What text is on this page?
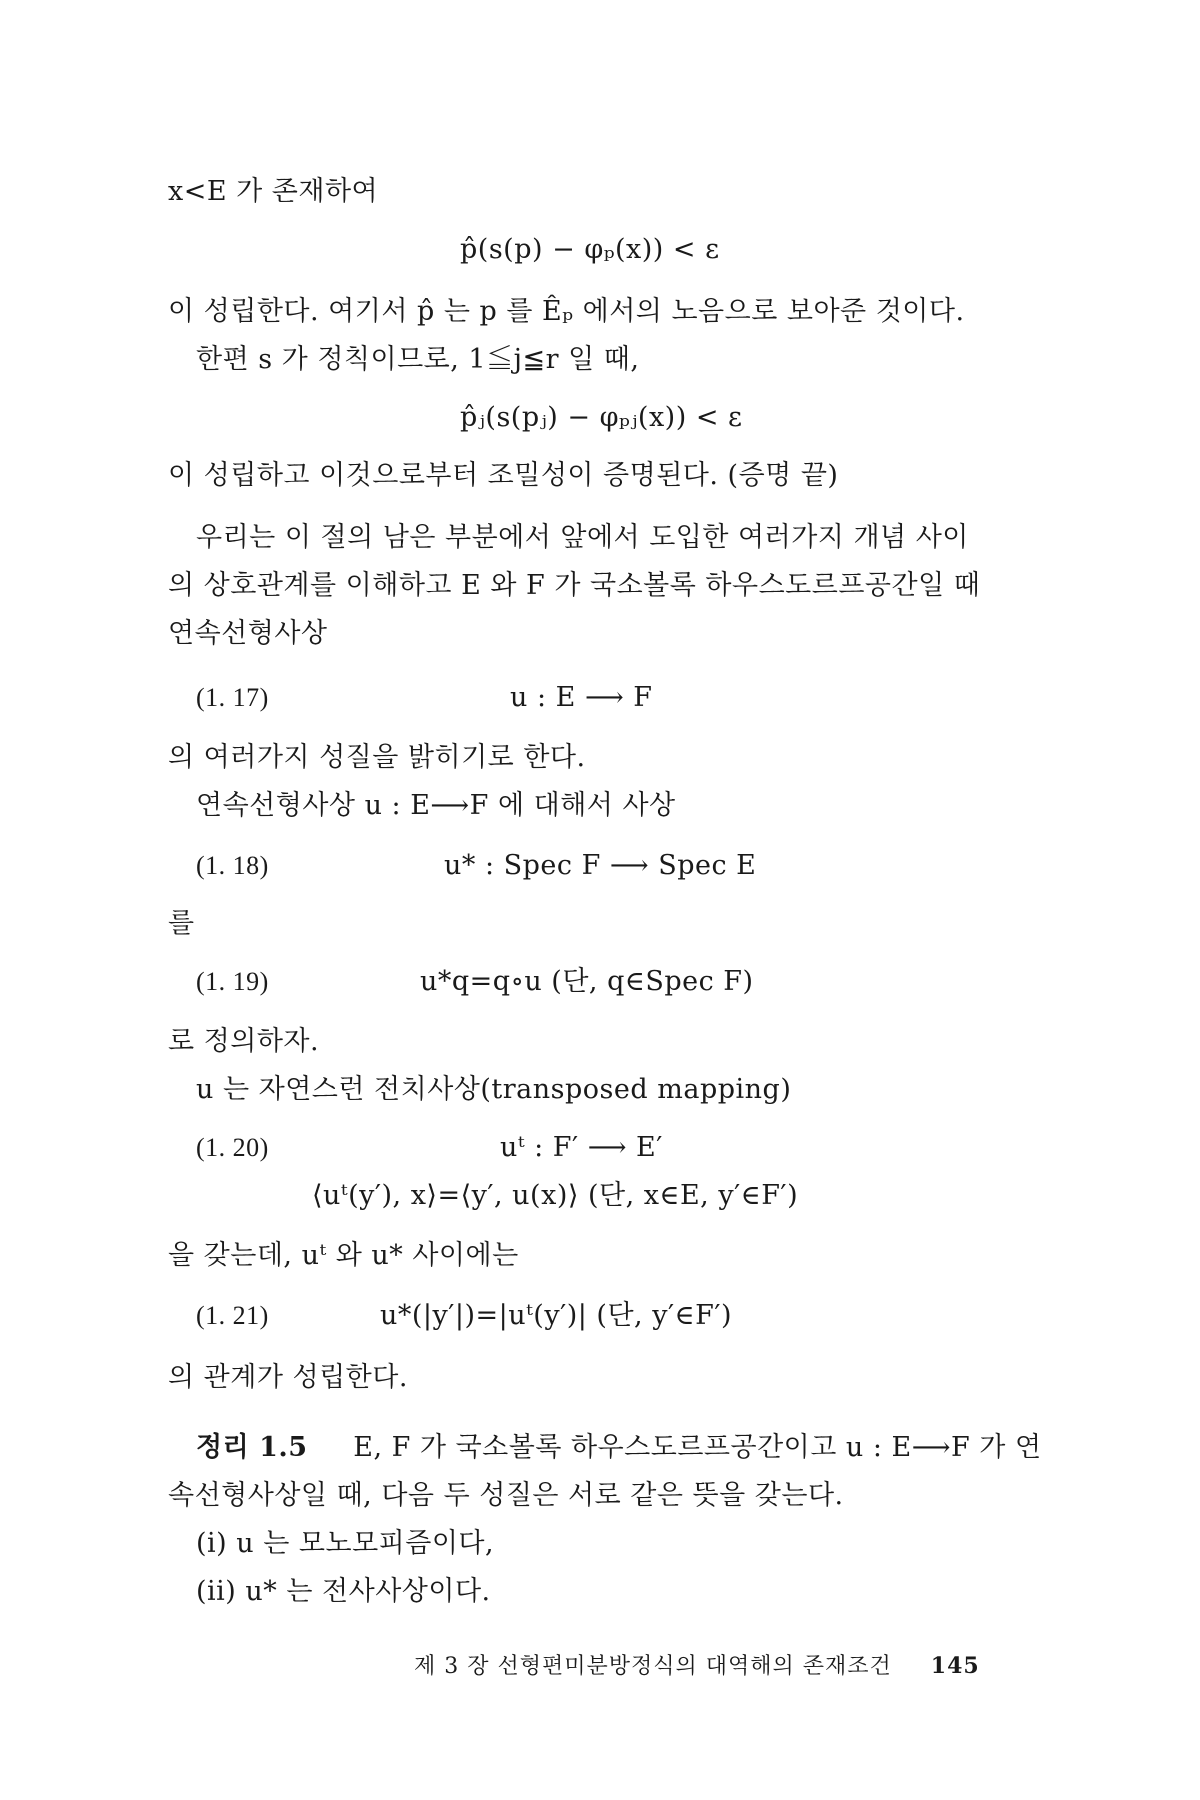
x<E 가 존재하여
p̂(s(p) − φₚ(x)) < ε
이 성립한다. 여기서 p̂ 는 p 를 Êₚ 에서의 노음으로 보아준 것이다.
한편 s 가 정칙이므로, 1≦j≦r 일 때,
p̂ⱼ(s(pⱼ) − φₚⱼ(x)) < ε
이 성립하고 이것으로부터 조밀성이 증명된다. (증명 끝)
우리는 이 절의 남은 부분에서 앞에서 도입한 여러가지 개념 사이
의 상호관계를 이해하고 E 와 F 가 국소볼록 하우스도르프공간일 때
연속선형사상
(1. 17)	u : E ⟶ F
의 여러가지 성질을 밝히기로 한다.
연속선형사상 u : E⟶F 에 대해서 사상
(1. 18)	u* : Spec F ⟶ Spec E
를
(1. 19)	u*q=q∘u (단, q∈Spec F)
로 정의하자.
u 는 자연스런 전치사상(transposed mapping)
(1. 20)	uᵗ : F′ ⟶ E′
⟨uᵗ(y′), x⟩=⟨y′, u(x)⟩ (단, x∈E, y′∈F′)
을 갖는데, uᵗ 와 u* 사이에는
(1. 21)	u*(|y′|)=|uᵗ(y′)| (단, y′∈F′)
의 관계가 성립한다.
정리 1.5   E, F 가 국소볼록 하우스도르프공간이고 u : E⟶F 가 연
속선형사상일 때, 다음 두 성질은 서로 같은 뜻을 갖는다.
(i) u 는 모노모피즘이다,
(ii) u* 는 전사사상이다.
제 3 장 선형편미분방정식의 대역해의 존재조건   145
